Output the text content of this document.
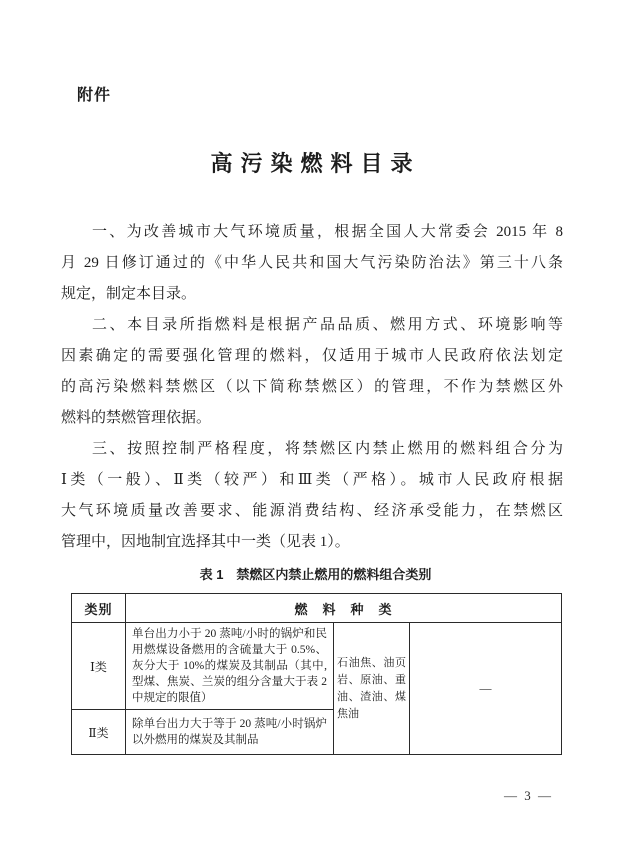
附件
高污染燃料目录
一、为改善城市大气环境质量，根据全国人大常委会 2015 年 8
月 29 日修订通过的《中华人民共和国大气污染防治法》第三十八条
规定，制定本目录。
二、本目录所指燃料是根据产品品质、燃用方式、环境影响等
因素确定的需要强化管理的燃料，仅适用于城市人民政府依法划定
的高污染燃料禁燃区（以下简称禁燃区）的管理，不作为禁燃区外
燃料的禁燃管理依据。
三、按照控制严格程度，将禁燃区内禁止燃用的燃料组合分为
Ⅰ类（一般）、Ⅱ类（较严）和Ⅲ类（严格）。城市人民政府根据
大气环境质量改善要求、能源消费结构、经济承受能力，在禁燃区
管理中，因地制宜选择其中一类（见表 1）。
表 1　禁燃区内禁止燃用的燃料组合类别
类别	燃　料　种　类		
Ⅰ类	单台出力小于 20 蒸吨/小时的锅炉和民用燃煤设备燃用的含硫量大于 0.5%、灰分大于 10%的煤炭及其制品（其中,型煤、焦炭、兰炭的组分含量大于表 2 中规定的限值）	石油焦、油页岩、原油、重油、渣油、煤焦油	—
Ⅱ类	除单台出力大于等于 20 蒸吨/小时锅炉以外燃用的煤炭及其制品		
— 3 —
